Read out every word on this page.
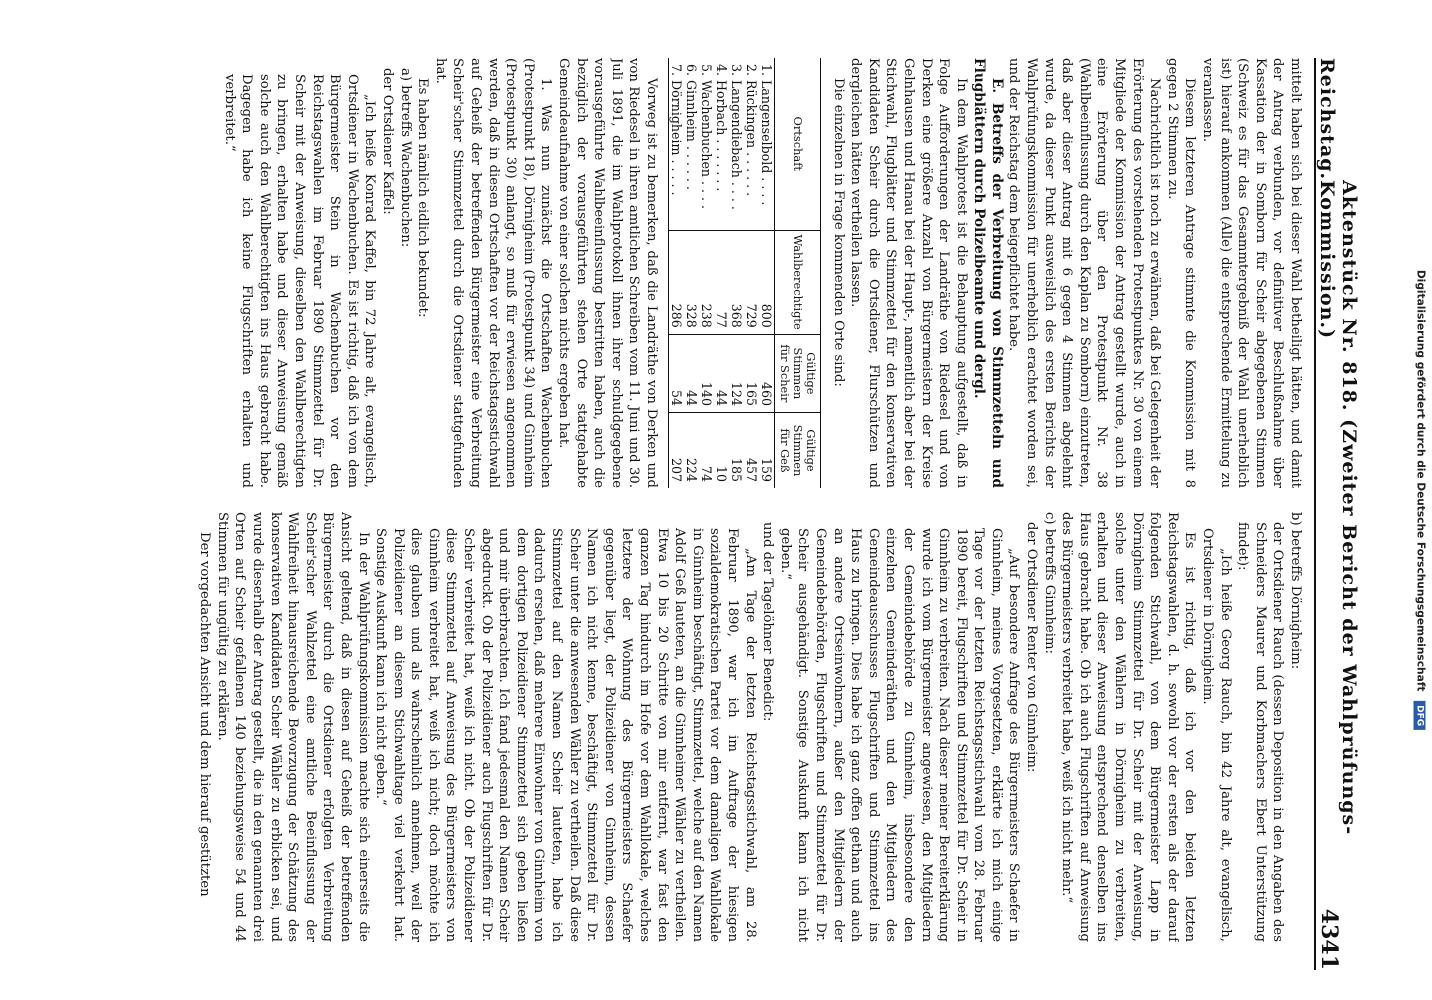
Reichstag.
Aktenstück Nr. 818. (Zweiter Bericht der Wahlprüfungs-Kommission.)
4341

mittelt haben sich bei dieser Wahl betheiligt hätten, und damit der Antrag verbunden, vor definitiver Beschlußnahme über Kassation der in Somborn für Scheir abgegebenen Stimmen (Schweiz es für das Gesammtergebniß der Wahl unerheblich ist) hierauf ankommen (Alle) die entsprechende Ermittelung zu veranlassen.

Diesem letzteren Antrage stimmte die Kommission mit 8 gegen 2 Stimmen zu.

Nachrichtlich ist noch zu erwähnen, daß bei Gelegenheit der Erörterung des vorstehenden Protestpunktes Nr. 30 von einem Mitgliede der Kommission der Antrag gestellt wurde, auch in eine Erörterung über den Protestpunkt Nr. 38 (Wahlbeeinflussung durch den Kaplan zu Somborn) einzutreten, daß aber dieser Antrag mit 6 gegen 4 Stimmen abgelehnt wurde, da dieser Punkt ausweislich des ersten Berichts der Wahlprüfungskommission für unerheblich erachtet worden sei, und der Reichstag dem beigepflichtet habe.

E. Betreffs der Verbreitung von Stimmzetteln und Flugblättern durch Polizeibeamte und dergl.

In dem Wahlprotest ist die Behauptung aufgestellt, daß in Folge Aufforderungen der Landräthe von Riedesel und von Derken eine größere Anzahl von Bürgermeistern der Kreise Gelnhausen und Hanau bei der Haupt-, namentlich aber bei der Stichwahl, Flugblätter und Stimmzettel für den konservativen Kandidaten Scheir durch die Ortsdiener, Flurschützen und dergleichen hätten vertheilen lassen.

Die einzelnen in Frage kommenden Orte sind:

Ortschaft	Wahlberechtigte	Gültige Stimmen für Scheir	Gültige Stimmen für Geß
1. Langenselbold . . . .	800	460	159
2. Rückingen . . . . . .	729	165	457
3. Langendiebach . . . .	368	124	185
4. Horbach . . . . . . .	77	44	10
5. Wachenbuchen . . . .	238	140	74
6. Ginnheim . . . . . .	328	44	224
7. Dörnigheim . . . . .	286	54	207

Vorweg ist zu bemerken, daß die Landräthe von Derken und von Riedesel in ihren amtlichen Schreiben vom 11. Juni und 30. Juli 1891, die im Wahlprotokoll ihnen ihrer schuldgegebene vorausgeführte Wahlbeeinflussung bestritten haben, auch die bezüglich der vorausgeführten stehen Orte stattgehabte Gemeindeaufnahme von einer solchen nichts ergeben hat.

1. Was nun zunächst die Ortschaften Wachenbuchen (Protestpunkt 18), Dörnigheim (Protestpunkt 34) und Ginnheim (Protestpunkt 30) anlangt, so muß für erwiesen angenommen werden, daß in diesen Ortschaften vor der Reichstagsstichwahl auf Geheiß der betreffenden Bürgermeister eine Verbreitung Scheir'scher Stimmzettel durch die Ortsdiener stattgefunden hat.

Es haben nämlich eidlich bekundet:

a) betreffs Wachenbuchen:

der Ortsdiener Kaffel:

„Ich heiße Konrad Kaffel, bin 72 Jahre alt, evangelisch, Ortsdiener in Wachenbuchen. Es ist richtig, daß ich von dem Bürgermeister Stein in Wachenbuchen vor den Reichstagswahlen im Februar 1890 Stimmzettel für Dr. Scheir mit der Anweisung, dieselben den Wahlberechtigten zu bringen, erhalten habe und dieser Anweisung gemäß solche auch den Wahlberechtigten ins Haus gebracht habe. Dagegen habe ich keine Flugschriften erhalten und verbreitet.“

b) betreffs Dörnigheim:

der Ortsdiener Rauch (dessen Deposition in den Angaben des Schneiders Maurer und Korbmachers Ebert Unterstützung findet):

„Ich heiße Georg Rauch, bin 42 Jahre alt, evangelisch, Ortsdiener in Dörnigheim.

Es ist richtig, daß ich vor den beiden letzten Reichstagswahlen, d. h. sowohl vor der ersten als der darauf folgenden Stichwahl, von dem Bürgermeister Lapp in Dörnigheim Stimmzettel für Dr. Scheir mit der Anweisung, solche unter den Wählern in Dörnigheim zu verbreiten, erhalten und dieser Anweisung entsprechend denselben ins Haus gebracht habe. Ob ich auch Flugschriften auf Anweisung des Bürgermeisters verbreitet habe, weiß ich nicht mehr.“

c) betreffs Ginnheim:

der Ortsdiener Renter von Ginnheim:

„Auf besondere Anfrage des Bürgermeisters Schaefer in Ginnheim, meines Vorgesetzten, erklärte ich mich einige Tage vor der letzten Reichstagsstichwahl vom 28. Februar 1890 bereit, Flugschriften und Stimmzettel für Dr. Scheir in Ginnheim zu verbreiten. Nach dieser meiner Bereiterklärung wurde ich vom Bürgermeister angewiesen, den Mitgliedern der Gemeindebehörde zu Ginnheim, insbesondere den einzelnen Gemeinderäthen und den Mitgliedern des Gemeindeausschusses Flugschriften und Stimmzettel ins Haus zu bringen. Dies habe ich ganz offen gethan und auch an andere Ortseinwohnern, außer den Mitgliedern der Gemeindebehörden, Flugschriften und Stimmzettel für Dr. Scheir ausgehändigt. Sonstige Auskunft kann ich nicht geben.“

und der Tagelöhner Benedict:

„Am Tage der letzten Reichstagsstichwahl, am 28. Februar 1890, war ich im Auftrage der hiesigen sozialdemokratischen Partei vor dem damaligen Wahllokale in Ginnheim beschäftigt, Stimmzettel, welche auf den Namen Adolf Geß lauteten, an die Ginnheimer Wähler zu vertheilen. Etwa 10 bis 20 Schritte von mir entfernt, war fast den ganzen Tag hindurch im Hofe vor dem Wahllokale, welches letztere der Wohnung des Bürgermeisters Schaefer gegenüber liegt, der Polizeidiener von Ginnheim, dessen Namen ich nicht kenne, beschäftigt, Stimmzettel für Dr. Scheir unter die anwesenden Wähler zu vertheilen. Daß diese Stimmzettel auf den Namen Scheir lauteten, habe ich dadurch ersehen, daß mehrere Einwohner von Ginnheim von dem dortigen Polizeidiener Stimmzettel sich geben ließen und mir überbrachten. Ich fand jedesmal den Namen Scheir abgedruckt. Ob der Polizeidiener auch Flugschriften für Dr. Scheir verbreitet hat, weiß ich nicht. Ob der Polizeidiener diese Stimmzettel auf Anweisung des Bürgermeisters von Ginnheim verbreitet hat, weiß ich nicht; doch möchte ich dies glauben und als wahrscheinlich annehmen, weil der Polizeidiener an diesem Stichwahltage viel verkehrt hat. Sonstige Auskunft kann ich nicht geben.“

In der Wahlprüfungskommission machte sich einerseits die Ansicht geltend, daß in diesen auf Geheiß der betreffenden Bürgermeister durch die Ortsdiener erfolgten Verbreitung Scheir'scher Wahlzettel eine amtliche Beeinflussung der Wahlfreiheit hinausreichende Bevorzugung der Schätzung des konservativen Kandidaten Scheir Wähler zu erblicken sei, und wurde dieserhalb der Antrag gestellt, die in den genannten drei Orten auf Scheir gefallenen 140 beziehungsweise 54 und 44 Stimmen für ungültig zu erklären.

Der vorgedachten Ansicht und dem hierauf gestützten

Digitalisierung gefördert durch die Deutsche Forschungsgemeinschaft DFG
